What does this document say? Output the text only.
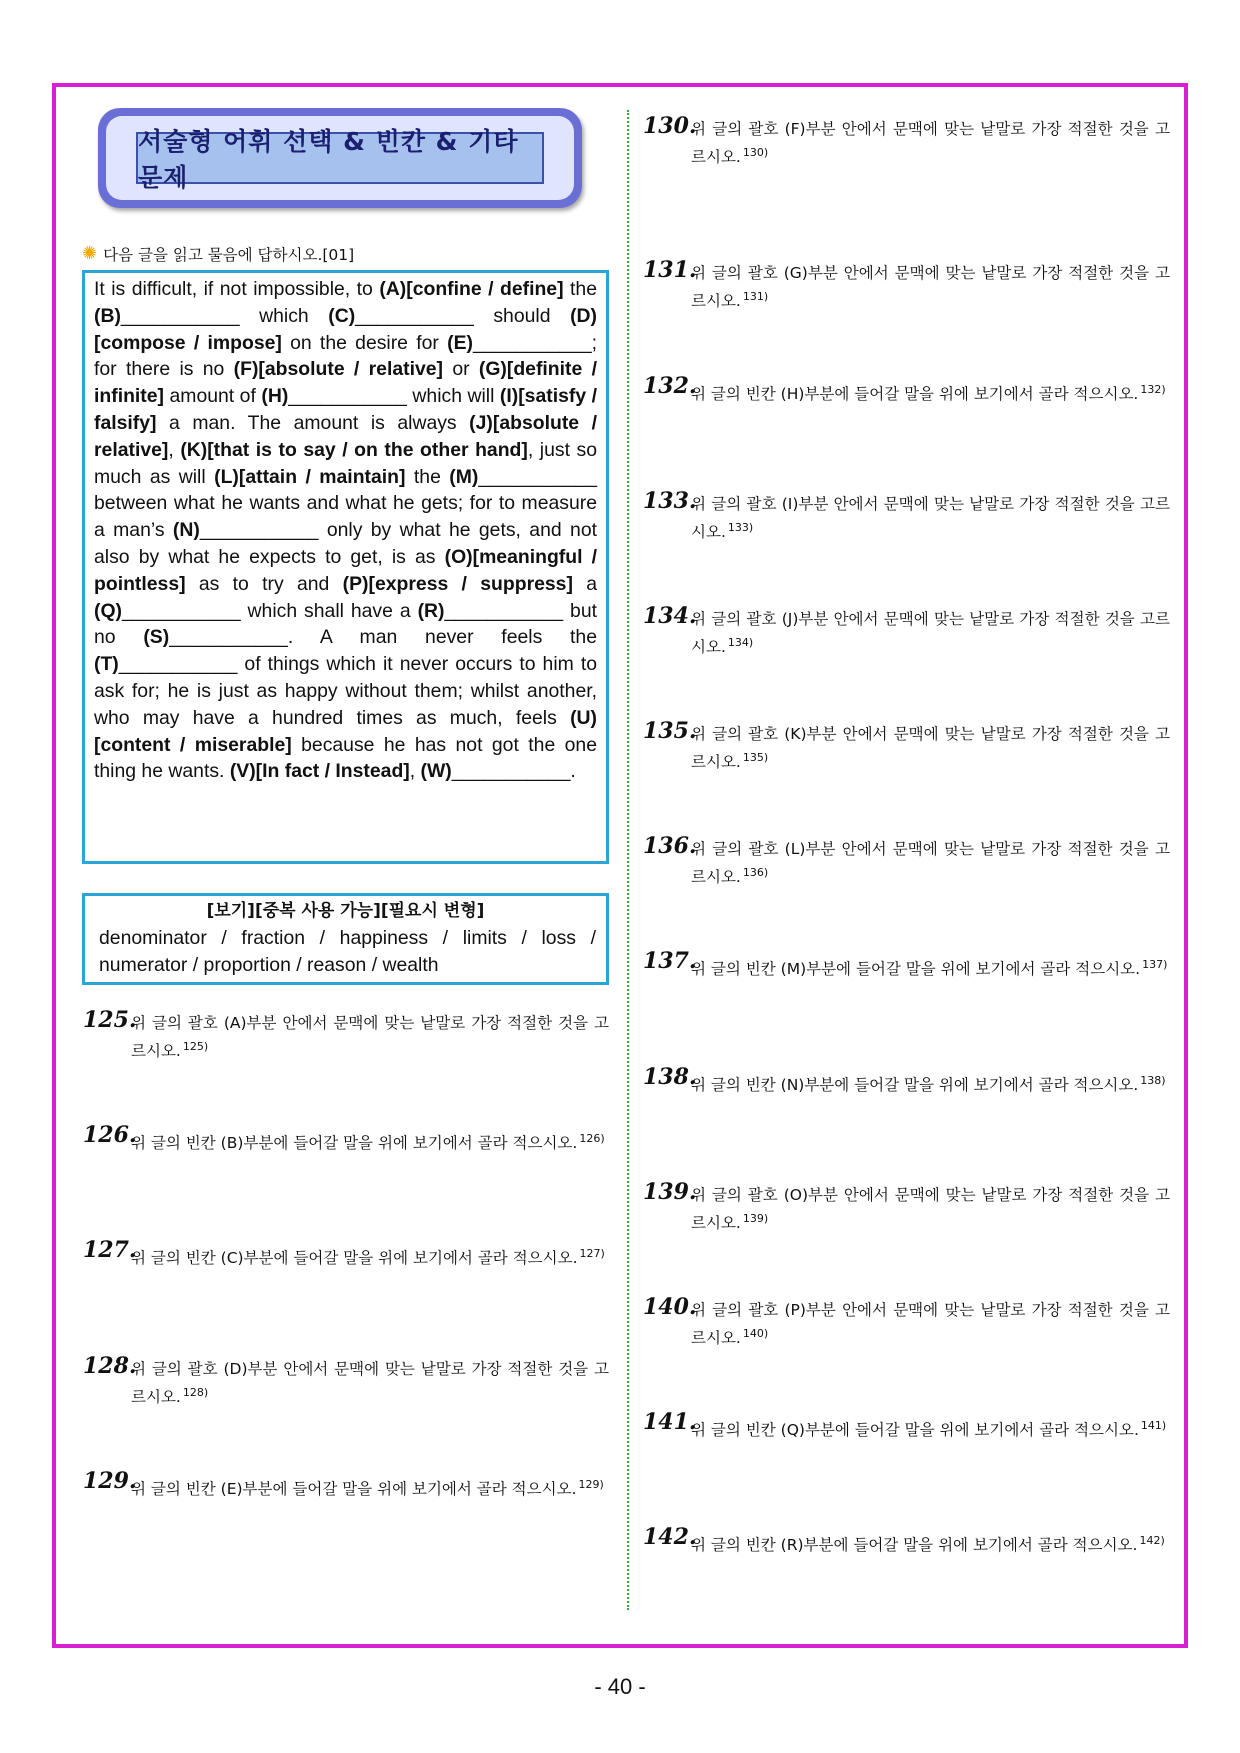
서술형 어휘 선택 & 빈칸 & 기타 문제
✺ 다음 글을 읽고 물음에 답하시오.[01]
It is difficult, if not impossible, to (A)[confine / define] the (B)___________ which (C)___________ should (D)[compose / impose] on the desire for (E)___________; for there is no (F)[absolute / relative] or (G)[definite / infinite] amount of (H)___________ which will (I)[satisfy / falsify] a man. The amount is always (J)[absolute / relative], (K)[that is to say / on the other hand], just so much as will (L)[attain / maintain] the (M)___________ between what he wants and what he gets; for to measure a man’s (N)___________ only by what he gets, and not also by what he expects to get, is as (O)[meaningful / pointless] as to try and (P)[express / suppress] a (Q)___________ which shall have a (R)___________ but no (S)___________. A man never feels the (T)___________ of things which it never occurs to him to ask for; he is just as happy without them; whilst another, who may have a hundred times as much, feels (U)[content / miserable] because he has not got the one thing he wants. (V)[In fact / Instead], (W)___________.
[보기][중복 사용 가능][필요시 변형]
denominator / fraction / happiness / limits / loss / numerator / proportion / reason / wealth
125.
위 글의 괄호 (A)부분 안에서 문맥에 맞는 낱말로 가장 적절한 것을 고르시오. $^{125)}$
126.
위 글의 빈칸 (B)부분에 들어갈 말을 위에 보기에서 골라 적으시오. $^{126)}$
127.
위 글의 빈칸 (C)부분에 들어갈 말을 위에 보기에서 골라 적으시오. $^{127)}$
128.
위 글의 괄호 (D)부분 안에서 문맥에 맞는 낱말로 가장 적절한 것을 고르시오. $^{128)}$
129.
위 글의 빈칸 (E)부분에 들어갈 말을 위에 보기에서 골라 적으시오. $^{129)}$
130.
위 글의 괄호 (F)부분 안에서 문맥에 맞는 낱말로 가장 적절한 것을 고르시오. $^{130)}$
131.
위 글의 괄호 (G)부분 안에서 문맥에 맞는 낱말로 가장 적절한 것을 고르시오. $^{131)}$
132.
위 글의 빈칸 (H)부분에 들어갈 말을 위에 보기에서 골라 적으시오. $^{132)}$
133.
위 글의 괄호 (I)부분 안에서 문맥에 맞는 낱말로 가장 적절한 것을 고르시오. $^{133)}$
134.
위 글의 괄호 (J)부분 안에서 문맥에 맞는 낱말로 가장 적절한 것을 고르시오. $^{134)}$
135.
위 글의 괄호 (K)부분 안에서 문맥에 맞는 낱말로 가장 적절한 것을 고르시오. $^{135)}$
136.
위 글의 괄호 (L)부분 안에서 문맥에 맞는 낱말로 가장 적절한 것을 고르시오. $^{136)}$
137.
위 글의 빈칸 (M)부분에 들어갈 말을 위에 보기에서 골라 적으시오. $^{137)}$
138.
위 글의 빈칸 (N)부분에 들어갈 말을 위에 보기에서 골라 적으시오. $^{138)}$
139.
위 글의 괄호 (O)부분 안에서 문맥에 맞는 낱말로 가장 적절한 것을 고르시오. $^{139)}$
140.
위 글의 괄호 (P)부분 안에서 문맥에 맞는 낱말로 가장 적절한 것을 고르시오. $^{140)}$
141.
위 글의 빈칸 (Q)부분에 들어갈 말을 위에 보기에서 골라 적으시오. $^{141)}$
142.
위 글의 빈칸 (R)부분에 들어갈 말을 위에 보기에서 골라 적으시오. $^{142)}$
- 40 -
